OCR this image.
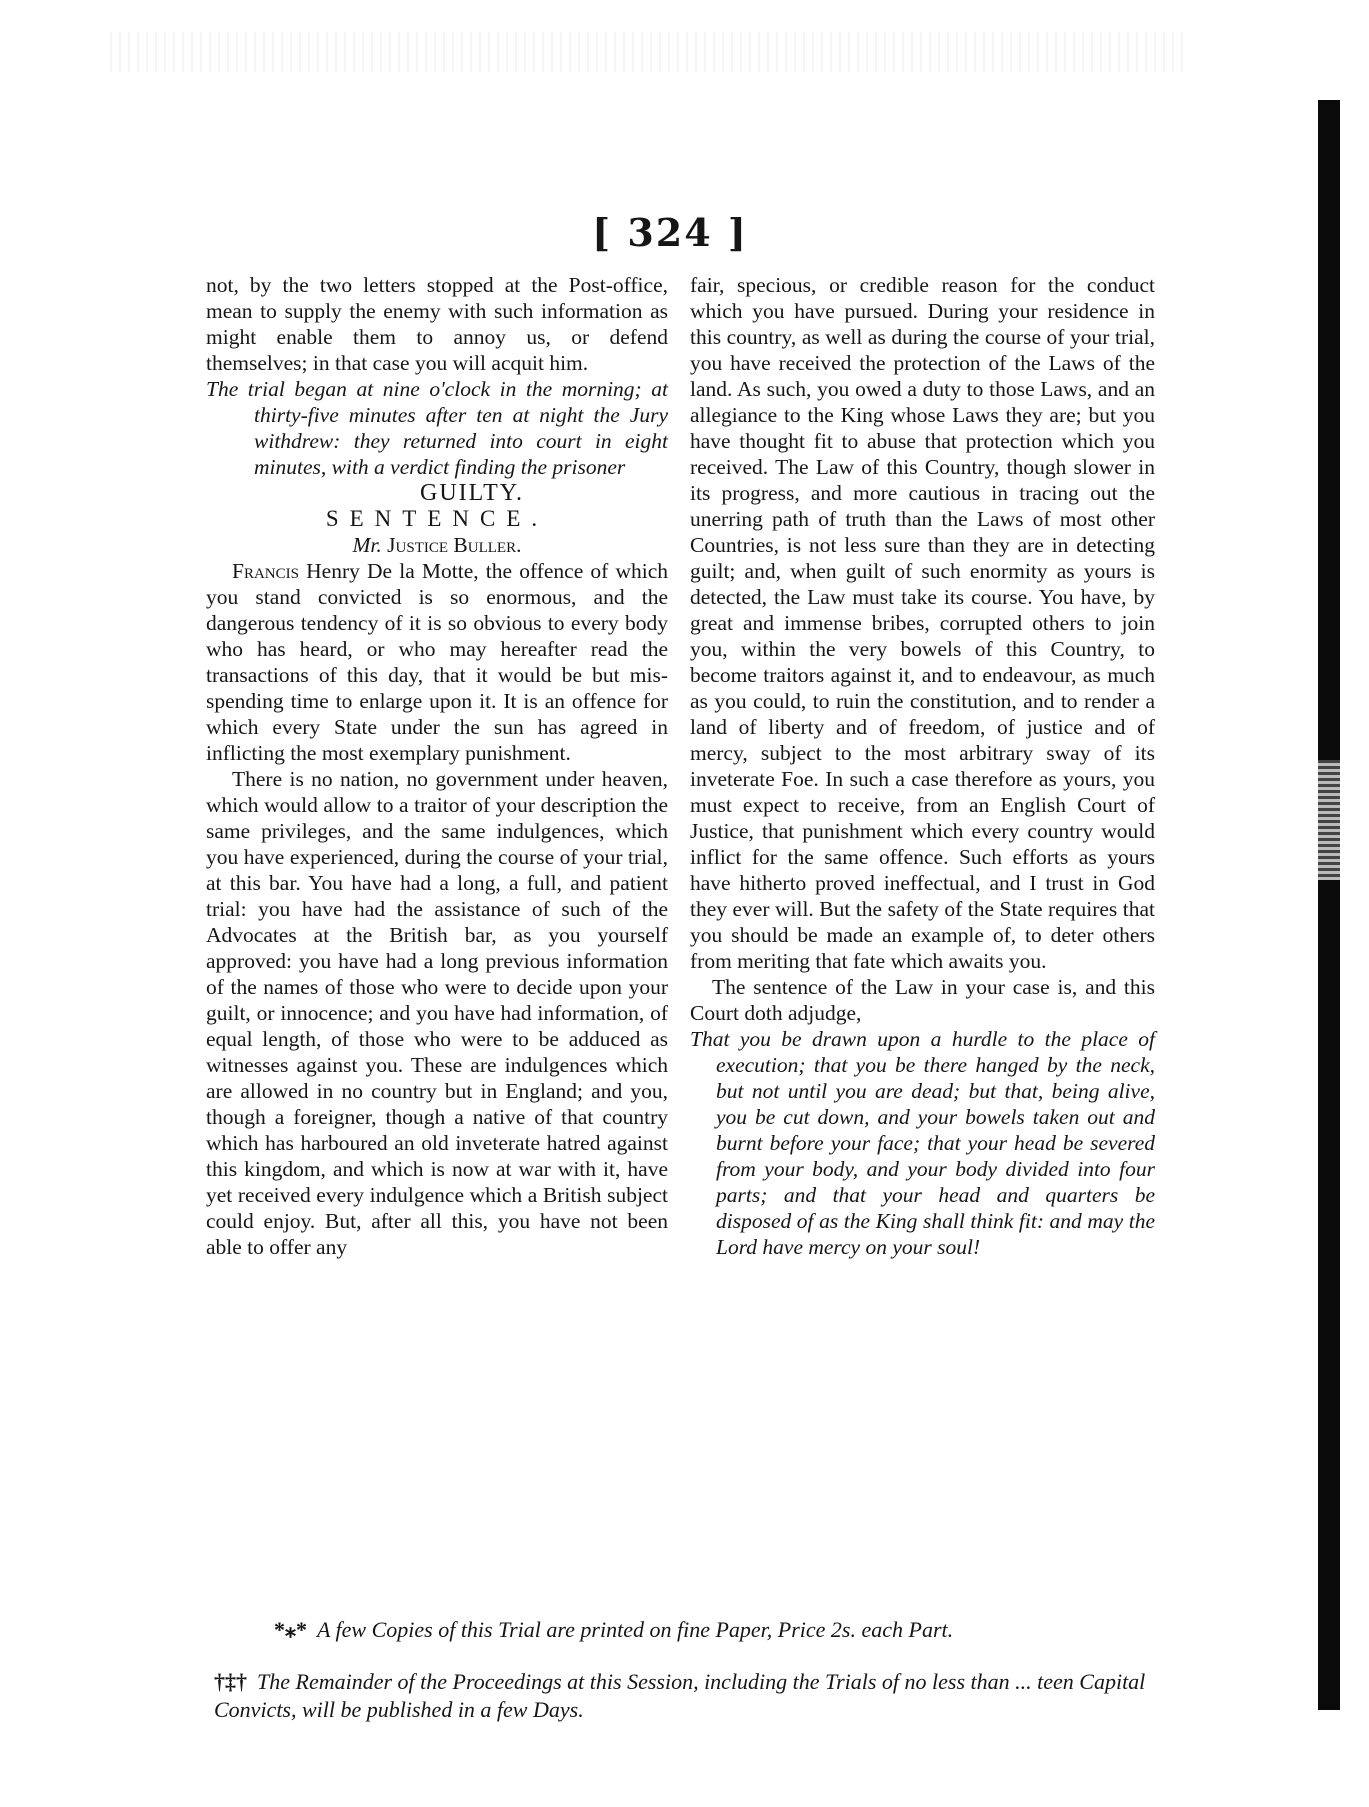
[ 324 ]

not, by the two letters stopped at the Post-office, mean to supply the enemy with such information as might enable them to annoy us, or defend themselves; in that case you will acquit him.

The trial began at nine o'clock in the morning; at thirty-five minutes after ten at night the Jury withdrew: they returned into court in eight minutes, with a verdict finding the prisoner

GUILTY.

SENTENCE.

Mr. Justice Buller.

Francis Henry De la Motte, the offence of which you stand convicted is so enormous, and the dangerous tendency of it is so obvious to every body who has heard, or who may hereafter read the transactions of this day, that it would be but mis-spending time to enlarge upon it. It is an offence for which every State under the sun has agreed in inflicting the most exemplary punishment.

There is no nation, no government under heaven, which would allow to a traitor of your description the same privileges, and the same indulgences, which you have experienced, during the course of your trial, at this bar. You have had a long, a full, and patient trial: you have had the assistance of such of the Advocates at the British bar, as you yourself approved: you have had a long previous information of the names of those who were to decide upon your guilt, or innocence; and you have had information, of equal length, of those who were to be adduced as witnesses against you. These are indulgences which are allowed in no country but in England; and you, though a foreigner, though a native of that country which has harboured an old inveterate hatred against this kingdom, and which is now at war with it, have yet received every indulgence which a British subject could enjoy. But, after all this, you have not been able to offer any

fair, specious, or credible reason for the conduct which you have pursued. During your residence in this country, as well as during the course of your trial, you have received the protection of the Laws of the land. As such, you owed a duty to those Laws, and an allegiance to the King whose Laws they are; but you have thought fit to abuse that protection which you received. The Law of this Country, though slower in its progress, and more cautious in tracing out the unerring path of truth than the Laws of most other Countries, is not less sure than they are in detecting guilt; and, when guilt of such enormity as yours is detected, the Law must take its course. You have, by great and immense bribes, corrupted others to join you, within the very bowels of this Country, to become traitors against it, and to endeavour, as much as you could, to ruin the constitution, and to render a land of liberty and of freedom, of justice and of mercy, subject to the most arbitrary sway of its inveterate Foe. In such a case therefore as yours, you must expect to receive, from an English Court of Justice, that punishment which every country would inflict for the same offence. Such efforts as yours have hitherto proved ineffectual, and I trust in God they ever will. But the safety of the State requires that you should be made an example of, to deter others from meriting that fate which awaits you.

The sentence of the Law in your case is, and this Court doth adjudge,

That you be drawn upon a hurdle to the place of execution; that you be there hanged by the neck, but not until you are dead; but that, being alive, you be cut down, and your bowels taken out and burnt before your face; that your head be severed from your body, and your body divided into four parts; and that your head and quarters be disposed of as the King shall think fit: and may the Lord have mercy on your soul!

*⁎* A few Copies of this Trial are printed on fine Paper, Price 2s. each Part.
†‡† The Remainder of the Proceedings at this Session, including the Trials of no less than ... teen Capital Convicts, will be published in a few Days.
